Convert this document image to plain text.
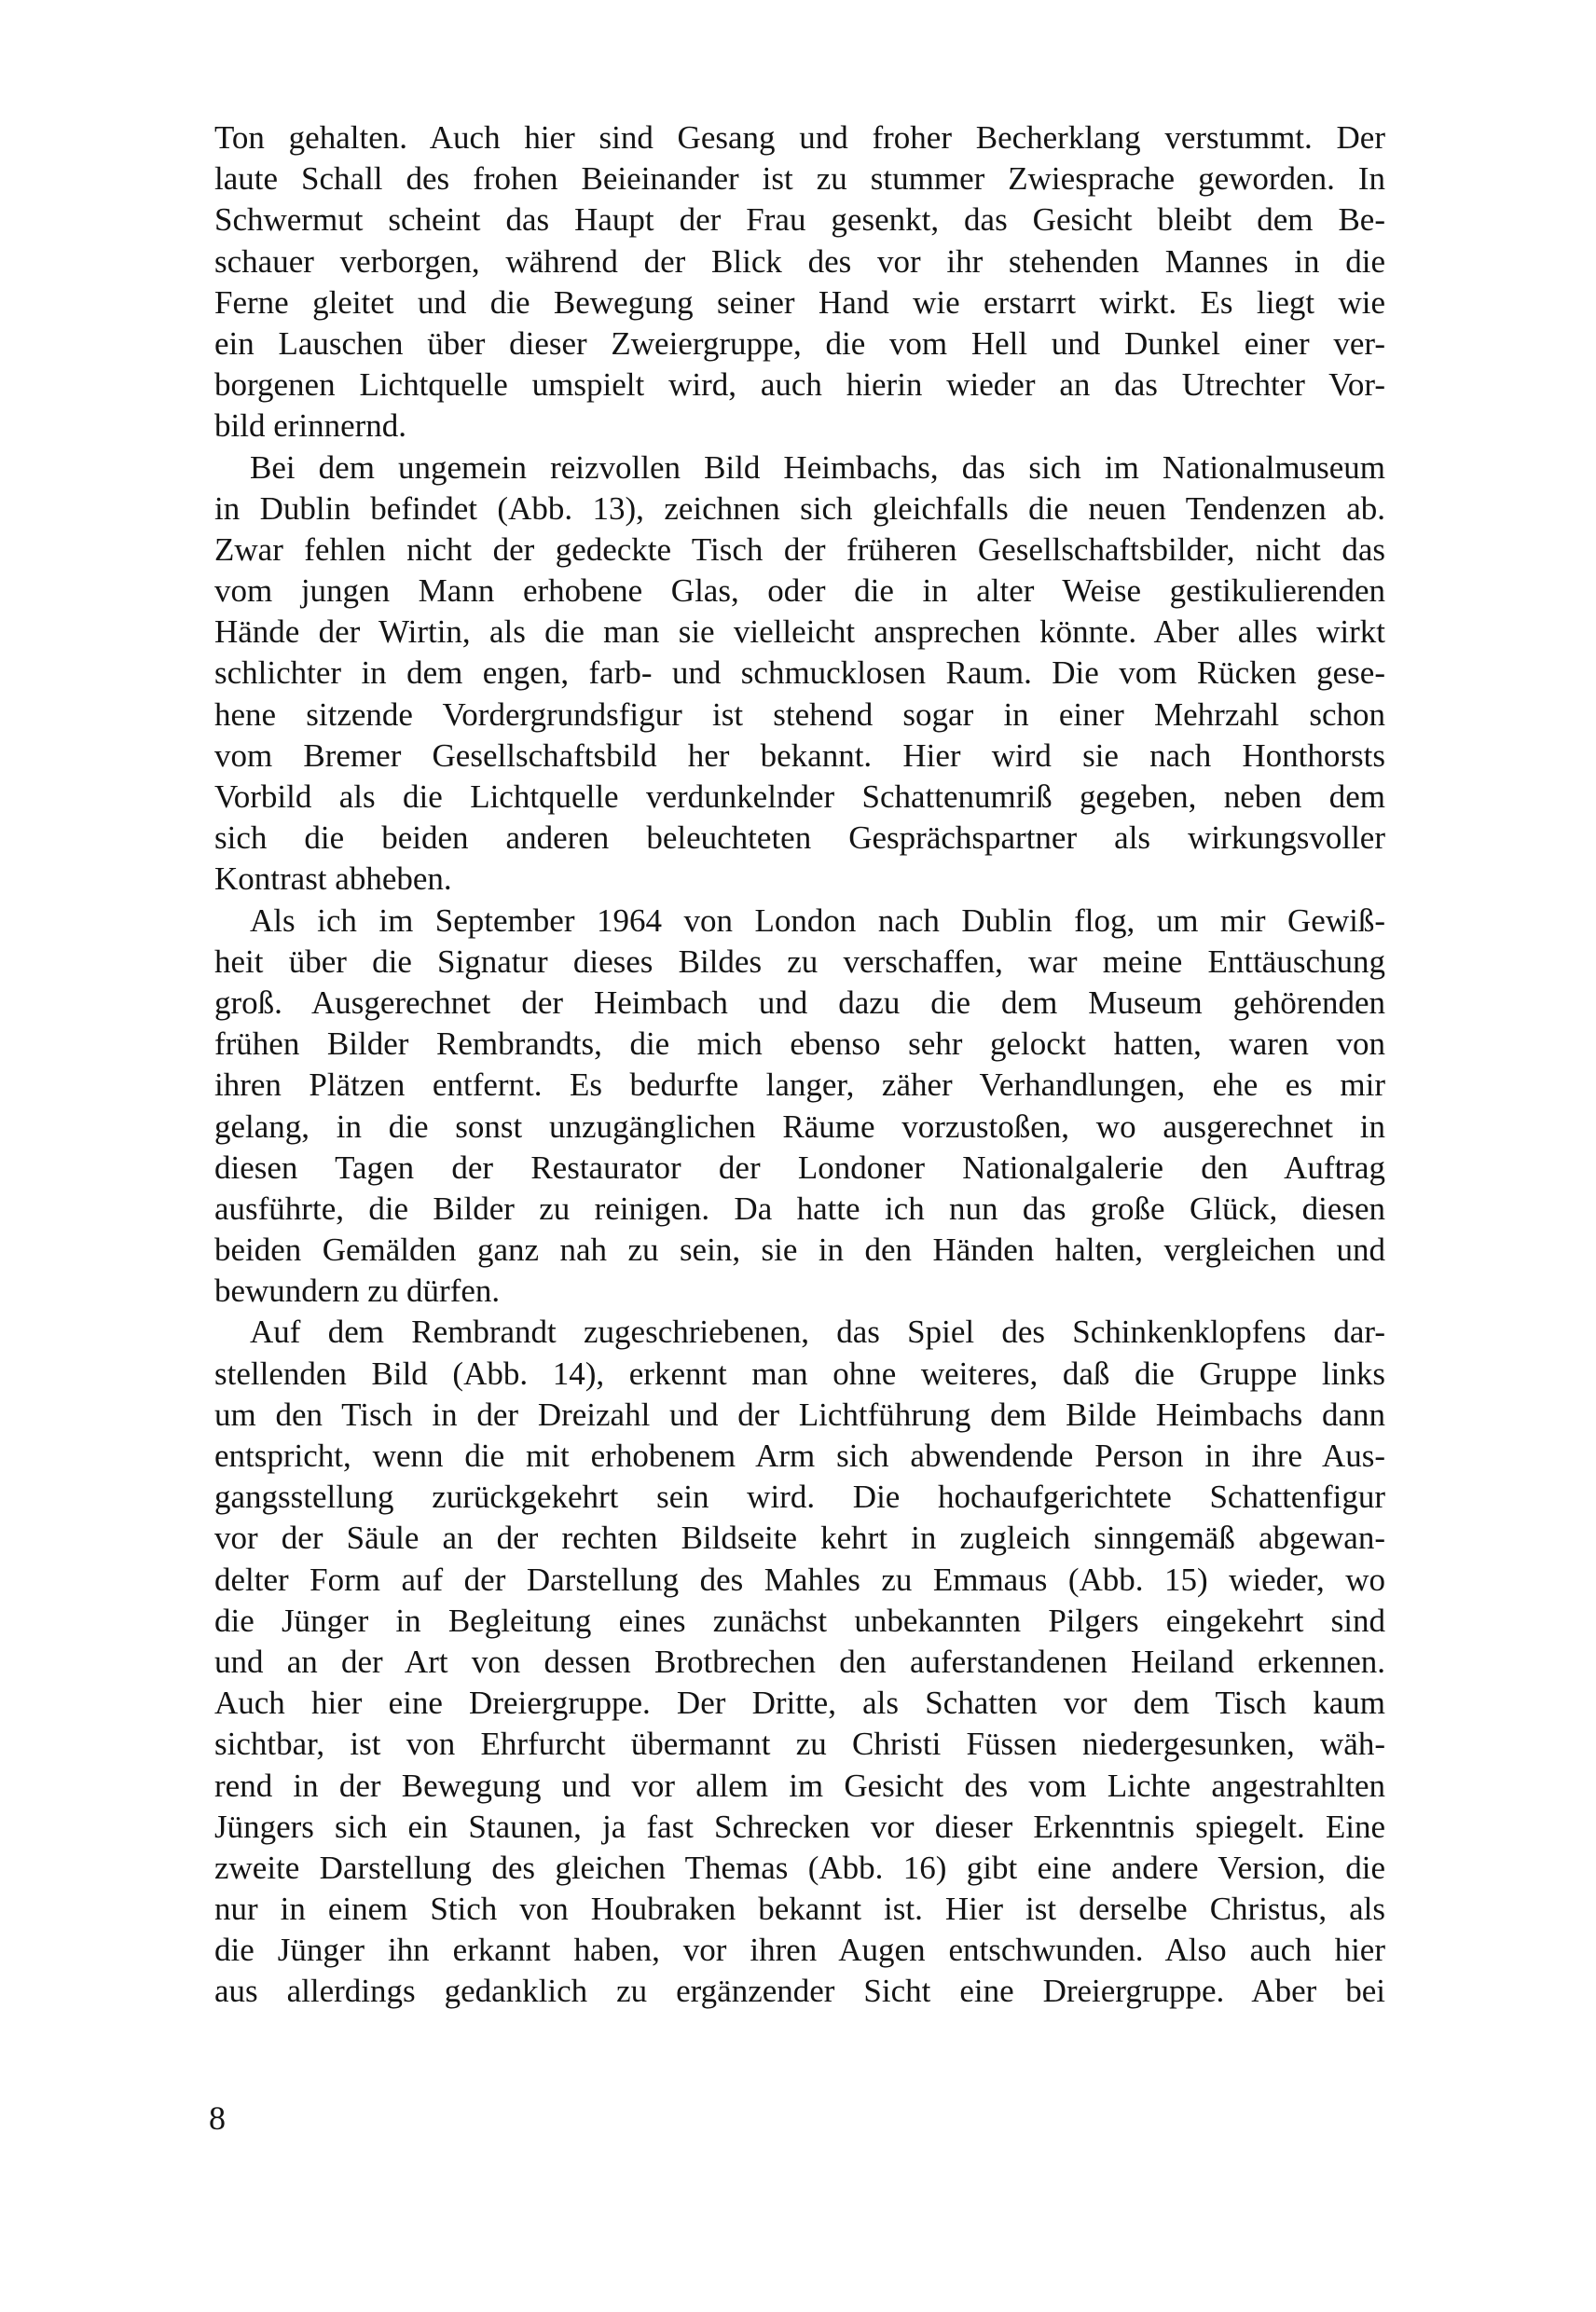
Ton gehalten. Auch hier sind Gesang und froher Becherklang verstummt. Der
laute Schall des frohen Beieinander ist zu stummer Zwiesprache geworden. In
Schwermut scheint das Haupt der Frau gesenkt, das Gesicht bleibt dem Be-
schauer verborgen, während der Blick des vor ihr stehenden Mannes in die
Ferne gleitet und die Bewegung seiner Hand wie erstarrt wirkt. Es liegt wie
ein Lauschen über dieser Zweiergruppe, die vom Hell und Dunkel einer ver-
borgenen Lichtquelle umspielt wird, auch hierin wieder an das Utrechter Vor-
bild erinnernd.

Bei dem ungemein reizvollen Bild Heimbachs, das sich im Nationalmuseum
in Dublin befindet (Abb. 13), zeichnen sich gleichfalls die neuen Tendenzen ab.
Zwar fehlen nicht der gedeckte Tisch der früheren Gesellschaftsbilder, nicht das
vom jungen Mann erhobene Glas, oder die in alter Weise gestikulierenden
Hände der Wirtin, als die man sie vielleicht ansprechen könnte. Aber alles wirkt
schlichter in dem engen, farb- und schmucklosen Raum. Die vom Rücken gese-
hene sitzende Vordergrundsfigur ist stehend sogar in einer Mehrzahl schon
vom Bremer Gesellschaftsbild her bekannt. Hier wird sie nach Honthorsts
Vorbild als die Lichtquelle verdunkelnder Schattenumriß gegeben, neben dem
sich die beiden anderen beleuchteten Gesprächspartner als wirkungsvoller
Kontrast abheben.

Als ich im September 1964 von London nach Dublin flog, um mir Gewiß-
heit über die Signatur dieses Bildes zu verschaffen, war meine Enttäuschung
groß. Ausgerechnet der Heimbach und dazu die dem Museum gehörenden
frühen Bilder Rembrandts, die mich ebenso sehr gelockt hatten, waren von
ihren Plätzen entfernt. Es bedurfte langer, zäher Verhandlungen, ehe es mir
gelang, in die sonst unzugänglichen Räume vorzustoßen, wo ausgerechnet in
diesen Tagen der Restaurator der Londoner Nationalgalerie den Auftrag
ausführte, die Bilder zu reinigen. Da hatte ich nun das große Glück, diesen
beiden Gemälden ganz nah zu sein, sie in den Händen halten, vergleichen und
bewundern zu dürfen.

Auf dem Rembrandt zugeschriebenen, das Spiel des Schinkenklopfens dar-
stellenden Bild (Abb. 14), erkennt man ohne weiteres, daß die Gruppe links
um den Tisch in der Dreizahl und der Lichtführung dem Bilde Heimbachs dann
entspricht, wenn die mit erhobenem Arm sich abwendende Person in ihre Aus-
gangsstellung zurückgekehrt sein wird. Die hochaufgerichtete Schattenfigur
vor der Säule an der rechten Bildseite kehrt in zugleich sinngemäß abgewan-
delter Form auf der Darstellung des Mahles zu Emmaus (Abb. 15) wieder, wo
die Jünger in Begleitung eines zunächst unbekannten Pilgers eingekehrt sind
und an der Art von dessen Brotbrechen den auferstandenen Heiland erkennen.
Auch hier eine Dreiergruppe. Der Dritte, als Schatten vor dem Tisch kaum
sichtbar, ist von Ehrfurcht übermannt zu Christi Füssen niedergesunken, wäh-
rend in der Bewegung und vor allem im Gesicht des vom Lichte angestrahlten
Jüngers sich ein Staunen, ja fast Schrecken vor dieser Erkenntnis spiegelt. Eine
zweite Darstellung des gleichen Themas (Abb. 16) gibt eine andere Version, die
nur in einem Stich von Houbraken bekannt ist. Hier ist derselbe Christus, als
die Jünger ihn erkannt haben, vor ihren Augen entschwunden. Also auch hier
aus allerdings gedanklich zu ergänzender Sicht eine Dreiergruppe. Aber bei

8
